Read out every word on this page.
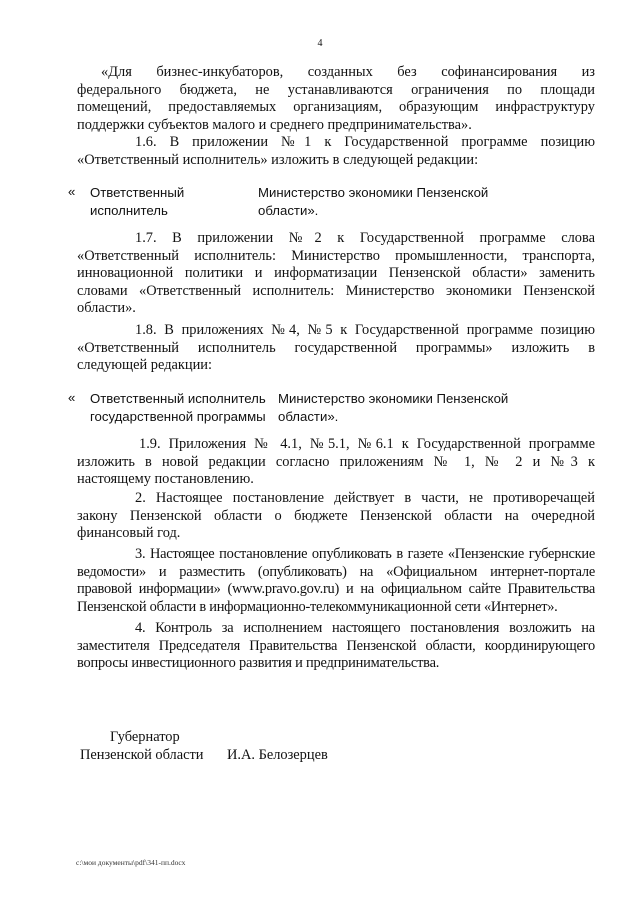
4
«Для бизнес-инкубаторов, созданных без софинансирования из
федерального бюджета, не устанавливаются ограничения по площади
помещений, предоставляемых организациям, образующим инфраструктуру
поддержки субъектов малого и среднего предпринимательства».
1.6. В приложении №1 к Государственной программе позицию
«Ответственный исполнитель» изложить в следующей редакции:
« Ответственный
исполнитель
Министерство экономики Пензенской
области».
1.7. В приложении №2 к Государственной программе слова
«Ответственный исполнитель: Министерство промышленности, транспорта,
инновационной политики и информатизации Пензенской области» заменить
словами «Ответственный исполнитель: Министерство экономики Пензенской
области».
1.8. В приложениях №4, №5 к Государственной программе позицию
«Ответственный исполнитель государственной программы» изложить в
следующей редакции:
« Ответственный исполнитель
государственной программы
Министерство экономики Пензенской
области».
1.9. Приложения № 4.1, №5.1, №6.1 к Государственной программе
изложить в новой редакции согласно приложениям № 1, № 2 и №3 к
настоящему постановлению.
2. Настоящее постановление действует в части, не противоречащей
закону Пензенской области о бюджете Пензенской области на очередной
финансовый год.
3. Настоящее постановление опубликовать в газете «Пензенские губернские
ведомости» и разместить (опубликовать) на «Официальном интернет-портале
правовой информации» (www.pravo.gov.ru) и на официальном сайте Правительства
Пензенской области в информационно-телекоммуникационной сети «Интернет».
4. Контроль за исполнением настоящего постановления возложить на
заместителя Председателя Правительства Пензенской области, координирующего
вопросы инвестиционного развития и предпринимательства.
Губернатор
Пензенской области И.А. Белозерцев
c:\мои документы\pdf\341-пп.docx
